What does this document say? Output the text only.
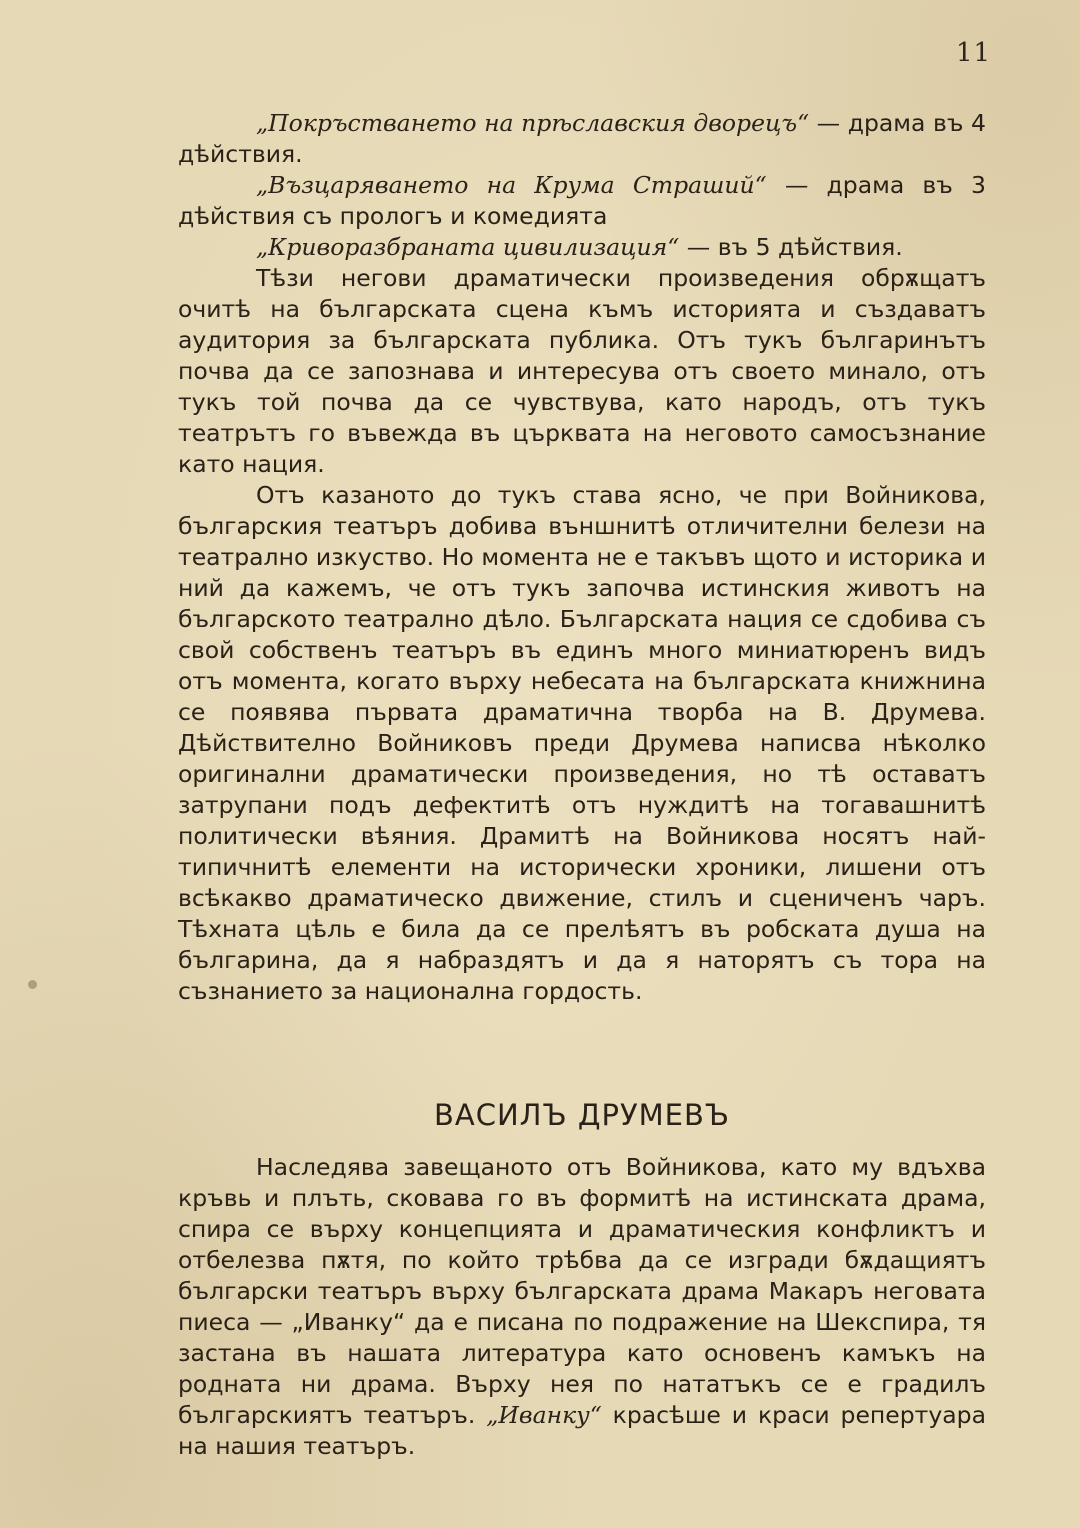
11

„Покръстването на прѣславския дворецъ“ — драма въ 4 дѣйствия.

„Възцаряването на Крума Страший“ — драма въ 3 дѣйствия съ прологъ и комедията

„Криворазбраната цивилизация“ — въ 5 дѣйствия.

Тѣзи негови драматически произведения обрѫщатъ очитѣ на българската сцена къмъ историята и създаватъ аудитория за българската публика. Отъ тукъ българинътъ почва да се запознава и интересува отъ своето минало, отъ тукъ той почва да се чувствува, като народъ, отъ тукъ театрътъ го въвежда въ църквата на неговото самосъзнание като нация.

Отъ казаното до тукъ става ясно, че при Войникова, българския театъръ добива външнитѣ отличителни белези на театрално изкуство. Но момента не е такъвъ щото и историка и ний да кажемъ, че отъ тукъ започва истинския животъ на българското театрално дѣло. Българската нация се сдобива съ свой собственъ театъръ въ единъ много миниатюренъ видъ отъ момента, когато върху небесата на българската книжнина се появява първата драматична творба на В. Друмева. Дѣйствително Войниковъ преди Друмева написва нѣколко оригинални драматически произведения, но тѣ оставатъ затрупани подъ дефектитѣ отъ нуждитѣ на тогавашнитѣ политически вѣяния. Драмитѣ на Войникова носятъ най-типичнитѣ елементи на исторически хроники, лишени отъ всѣкакво драматическо движение, стилъ и сцениченъ чаръ. Тѣхната цѣль е била да се прелѣятъ въ робската душа на българина, да я набраздятъ и да я наторятъ съ тора на съзнанието за национална гордость.

ВАСИЛЪ ДРУМЕВЪ

Наследява завещаното отъ Войникова, като му вдъхва кръвь и плъть, сковава го въ формитѣ на истинската драма, спира се върху концепцията и драматическия конфликтъ и отбелезва пѫтя, по който трѣбва да се изгради бѫдащиятъ български театъръ върху българската драма Макаръ неговата пиеса — „Иванку“ да е писана по подражение на Шекспира, тя застана въ нашата литература като основенъ камъкъ на родната ни драма. Върху нея по нататъкъ се е градилъ българскиятъ театъръ. „Иванку“ красѣше и краси репертуара на нашия театъръ.
